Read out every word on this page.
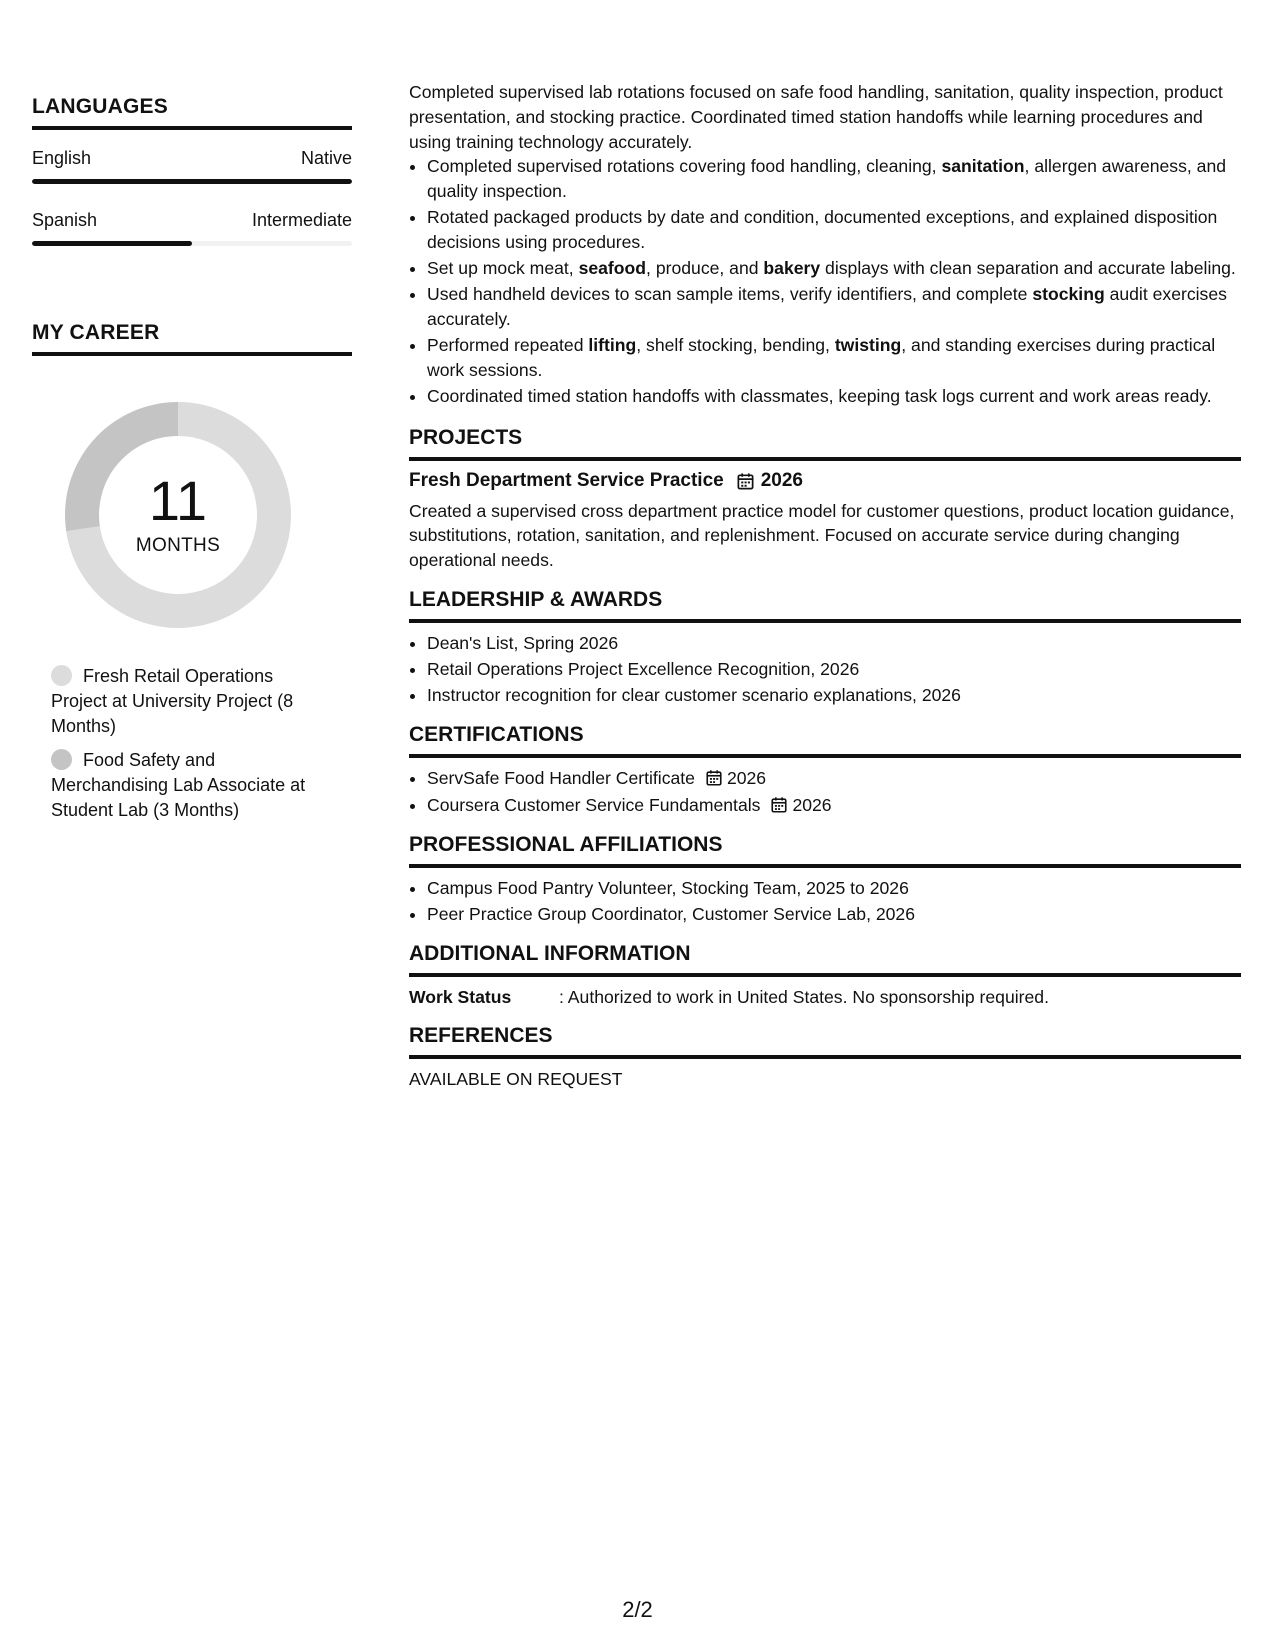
LANGUAGES
English	Native
Spanish	Intermediate
MY CAREER
11
MONTHS
Fresh Retail Operations Project at University Project (8 Months)
Food Safety and Merchandising Lab Associate at Student Lab (3 Months)

Completed supervised lab rotations focused on safe food handling, sanitation, quality inspection, product presentation, and stocking practice. Coordinated timed station handoffs while learning procedures and using training technology accurately.

• Completed supervised rotations covering food handling, cleaning, sanitation, allergen awareness, and quality inspection.
• Rotated packaged products by date and condition, documented exceptions, and explained disposition decisions using procedures.
• Set up mock meat, seafood, produce, and bakery displays with clean separation and accurate labeling.
• Used handheld devices to scan sample items, verify identifiers, and complete stocking audit exercises accurately.
• Performed repeated lifting, shelf stocking, bending, twisting, and standing exercises during practical work sessions.
• Coordinated timed station handoffs with classmates, keeping task logs current and work areas ready.
PROJECTS
Fresh Department Service Practice 2026

Created a supervised cross department practice model for customer questions, product location guidance, substitutions, rotation, sanitation, and replenishment. Focused on accurate service during changing operational needs.

LEADERSHIP & AWARDS
• Dean's List, Spring 2026
• Retail Operations Project Excellence Recognition, 2026
• Instructor recognition for clear customer scenario explanations, 2026
CERTIFICATIONS
• ServSafe Food Handler Certificate 2026
• Coursera Customer Service Fundamentals 2026
PROFESSIONAL AFFILIATIONS
• Campus Food Pantry Volunteer, Stocking Team, 2025 to 2026
• Peer Practice Group Coordinator, Customer Service Lab, 2026
ADDITIONAL INFORMATION
Work Status	: Authorized to work in United States. No sponsorship required.
REFERENCES

AVAILABLE ON REQUEST

2/2
